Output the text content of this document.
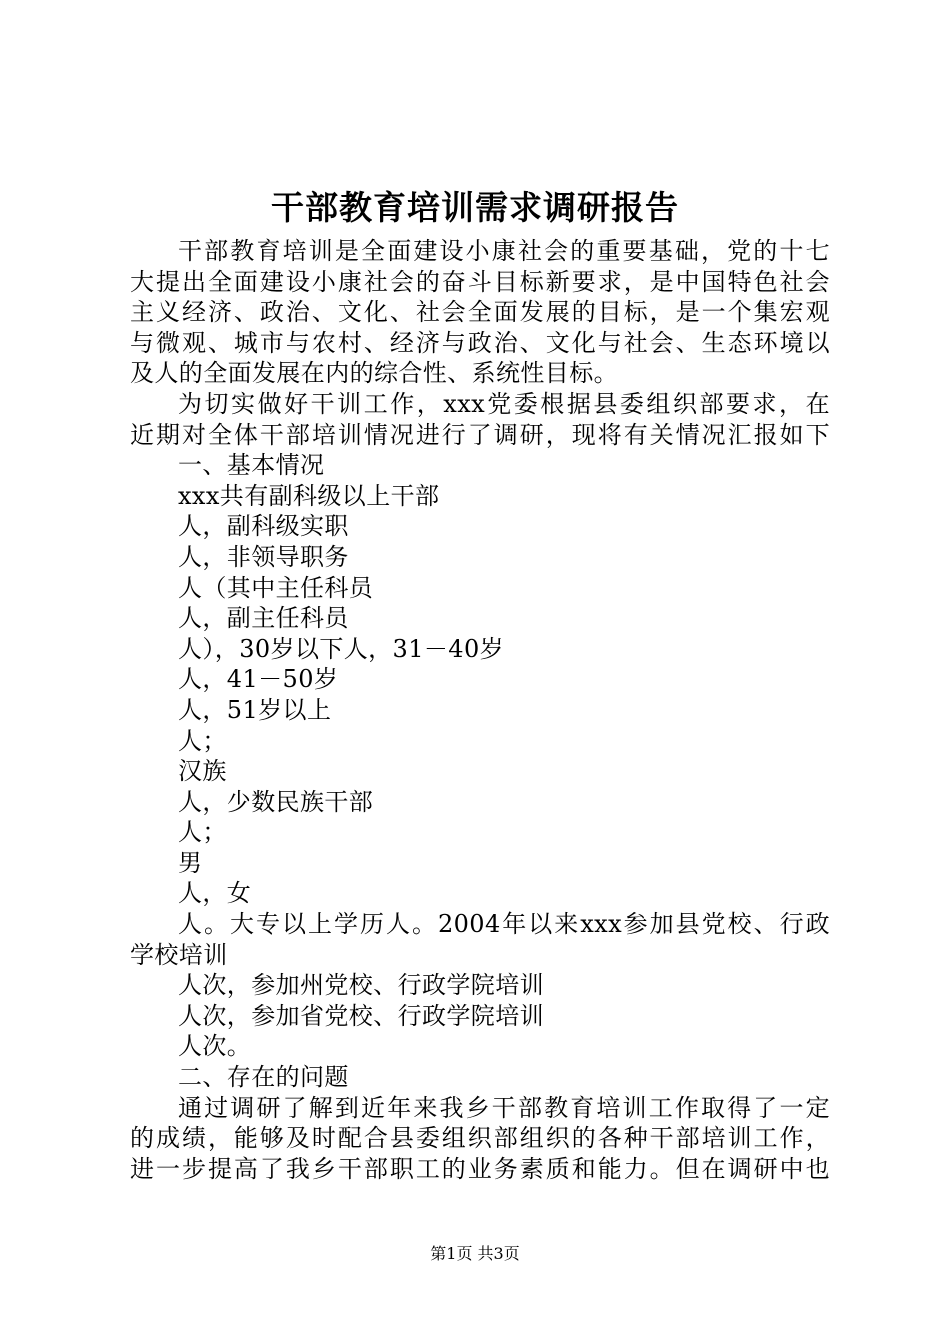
干部教育培训需求调研报告
干部教育培训是全面建设小康社会的重要基础，党的十七
大提出全面建设小康社会的奋斗目标新要求，是中国特色社会
主义经济、政治、文化、社会全面发展的目标，是一个集宏观
与微观、城市与农村、经济与政治、文化与社会、生态环境以
及人的全面发展在内的综合性、系统性目标。
为切实做好干训工作，xxx党委根据县委组织部要求，在
近期对全体干部培训情况进行了调研，现将有关情况汇报如下
一、基本情况
xxx共有副科级以上干部
人，副科级实职
人，非领导职务
人（其中主任科员
人，副主任科员
人），30岁以下人，31－40岁
人，41－50岁
人，51岁以上
人；
汉族
人，少数民族干部
人；
男
人，女
人。大专以上学历人。2004年以来xxx参加县党校、行政
学校培训
人次，参加州党校、行政学院培训
人次，参加省党校、行政学院培训
人次。
二、存在的问题
通过调研了解到近年来我乡干部教育培训工作取得了一定
的成绩，能够及时配合县委组织部组织的各种干部培训工作，
进一步提高了我乡干部职工的业务素质和能力。但在调研中也
第1页 共3页
